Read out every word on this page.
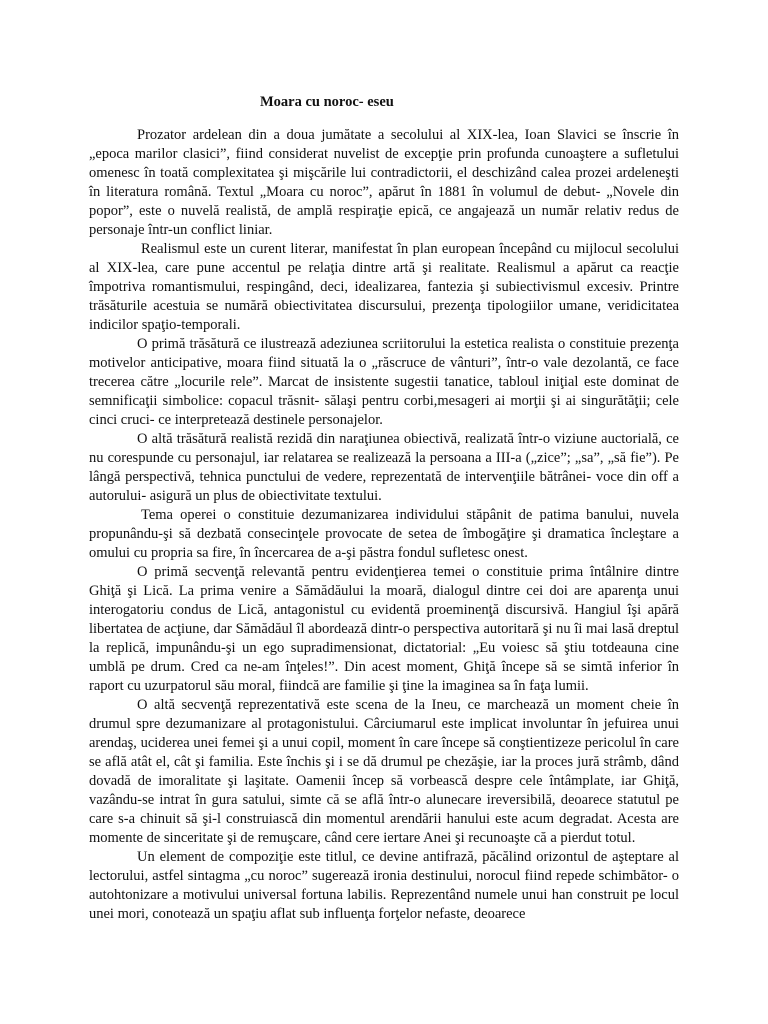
Moara cu noroc- eseu

Prozator ardelean din a doua jumătate a secolului al XIX-lea, Ioan Slavici se înscrie în „epoca marilor clasici”, fiind considerat nuvelist de excepţie prin profunda cunoaştere a sufletului omenesc în toată complexitatea şi mişcările lui contradictorii, el deschizând calea prozei ardeleneşti în literatura română. Textul „Moara cu noroc”, apărut în 1881 în volumul de debut- „Novele din popor”, este o nuvelă realistă, de amplă respiraţie epică, ce angajează un număr relativ redus de personaje într-un conflict liniar.

Realismul este un curent literar, manifestat în plan european începând cu mijlocul secolului al XIX-lea, care pune accentul pe relaţia dintre artă şi realitate. Realismul a apărut ca reacţie împotriva romantismului, respingând, deci, idealizarea, fantezia şi subiectivismul excesiv. Printre trăsăturile acestuia se numără obiectivitatea discursului, prezenţa tipologiilor umane, veridicitatea indicilor spaţio-temporali.

O primă trăsătură ce ilustrează adeziunea scriitorului la estetica realista o constituie prezenţa motivelor anticipative, moara fiind situată la o „răscruce de vânturi”, într-o vale dezolantă, ce face trecerea către „locurile rele”. Marcat de insistente sugestii tanatice, tabloul iniţial este dominat de semnificaţii simbolice: copacul trăsnit- sălaşi pentru corbi,mesageri ai morţii şi ai singurătăţii; cele cinci cruci- ce interpretează destinele personajelor.

O altă trăsătură realistă rezidă din naraţiunea obiectivă, realizată într-o viziune auctorială, ce nu corespunde cu personajul, iar relatarea se realizează la persoana a III-a („zice”; „sa”, „să fie”). Pe lângă perspectivă, tehnica punctului de vedere, reprezentată de intervenţiile bătrânei- voce din off a autorului- asigură un plus de obiectivitate textului.

Tema operei o constituie dezumanizarea individului stăpânit de patima banului, nuvela propunându-şi să dezbată consecinţele provocate de setea de îmbogăţire şi dramatica încleştare a omului cu propria sa fire, în încercarea de a-şi păstra fondul sufletesc onest.

O primă secvenţă relevantă pentru evidenţierea temei o constituie prima întâlnire dintre Ghiţă şi Lică. La prima venire a Sămădăului la moară, dialogul dintre cei doi are aparenţa unui interogatoriu condus de Lică, antagonistul cu evidentă proeminenţă discursivă. Hangiul îşi apără libertatea de acţiune, dar Sămădăul îl abordează dintr-o perspectiva autoritară şi nu îi mai lasă dreptul la replică, impunându-şi un ego supradimensionat, dictatorial: „Eu voiesc să ştiu totdeauna cine umblă pe drum. Cred ca ne-am înţeles!”. Din acest moment, Ghiţă începe să se simtă inferior în raport cu uzurpatorul său moral, fiindcă are familie şi ţine la imaginea sa în faţa lumii.

O altă secvenţă reprezentativă este scena de la Ineu, ce marchează un moment cheie în drumul spre dezumanizare al protagonistului. Cârciumarul este implicat involuntar în jefuirea unui arendaş, uciderea unei femei şi a unui copil, moment în care începe să conştientizeze pericolul în care se află atât el, cât şi familia. Este închis şi i se dă drumul pe chezăşie, iar la proces jură strâmb, dând dovadă de imoralitate şi laşitate. Oamenii încep să vorbească despre cele întâmplate, iar Ghiţă, vazându-se intrat în gura satului, simte că se află într-o alunecare ireversibilă, deoarece statutul pe care s-a chinuit să şi-l construiască din momentul arendării hanului este acum degradat. Acesta are momente de sinceritate şi de remuşcare, când cere iertare Anei şi recunoaşte că a pierdut totul.

Un element de compoziţie este titlul, ce devine antifrază, păcălind orizontul de aşteptare al lectorului, astfel sintagma „cu noroc” sugerează ironia destinului, norocul fiind repede schimbător- o autohtonizare a motivului universal fortuna labilis. Reprezentând numele unui han construit pe locul unei mori, conotează un spaţiu aflat sub influenţa forţelor nefaste, deoarece
